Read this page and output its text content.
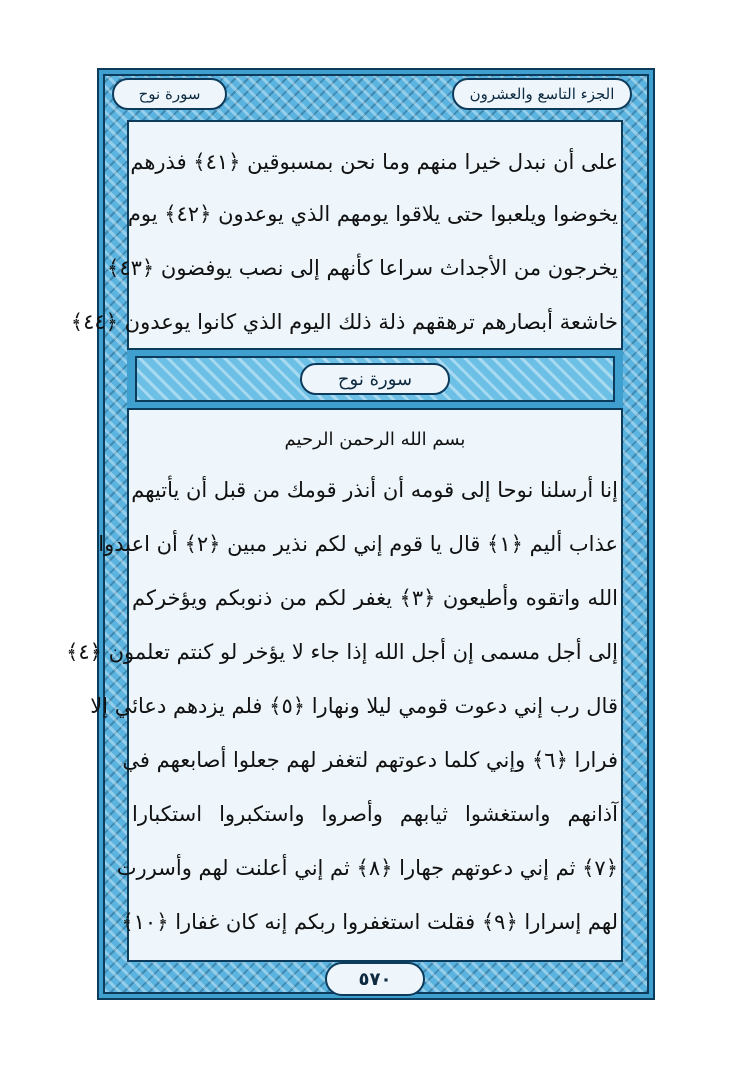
الجزء التاسع والعشرون
سورة نوح
على أن نبدل خيرا منهم وما نحن بمسبوقين ﴿٤١﴾ فذرهم
يخوضوا ويلعبوا حتى يلاقوا يومهم الذي يوعدون ﴿٤٢﴾ يوم
يخرجون من الأجداث سراعا كأنهم إلى نصب يوفضون ﴿٤٣﴾
خاشعة أبصارهم ترهقهم ذلة ذلك اليوم الذي كانوا يوعدون ﴿٤٤﴾
سورة نوح
بسم الله الرحمن الرحيم
إنا أرسلنا نوحا إلى قومه أن أنذر قومك من قبل أن يأتيهم
عذاب أليم ﴿١﴾ قال يا قوم إني لكم نذير مبين ﴿٢﴾ أن اعبدوا
الله واتقوه وأطيعون ﴿٣﴾ يغفر لكم من ذنوبكم ويؤخركم
إلى أجل مسمى إن أجل الله إذا جاء لا يؤخر لو كنتم تعلمون ﴿٤﴾
قال رب إني دعوت قومي ليلا ونهارا ﴿٥﴾ فلم يزدهم دعائي إلا
فرارا ﴿٦﴾ وإني كلما دعوتهم لتغفر لهم جعلوا أصابعهم في
آذانهم واستغشوا ثيابهم وأصروا واستكبروا استكبارا
﴿٧﴾ ثم إني دعوتهم جهارا ﴿٨﴾ ثم إني أعلنت لهم وأسررت
لهم إسرارا ﴿٩﴾ فقلت استغفروا ربكم إنه كان غفارا ﴿١٠﴾
٥٧٠
